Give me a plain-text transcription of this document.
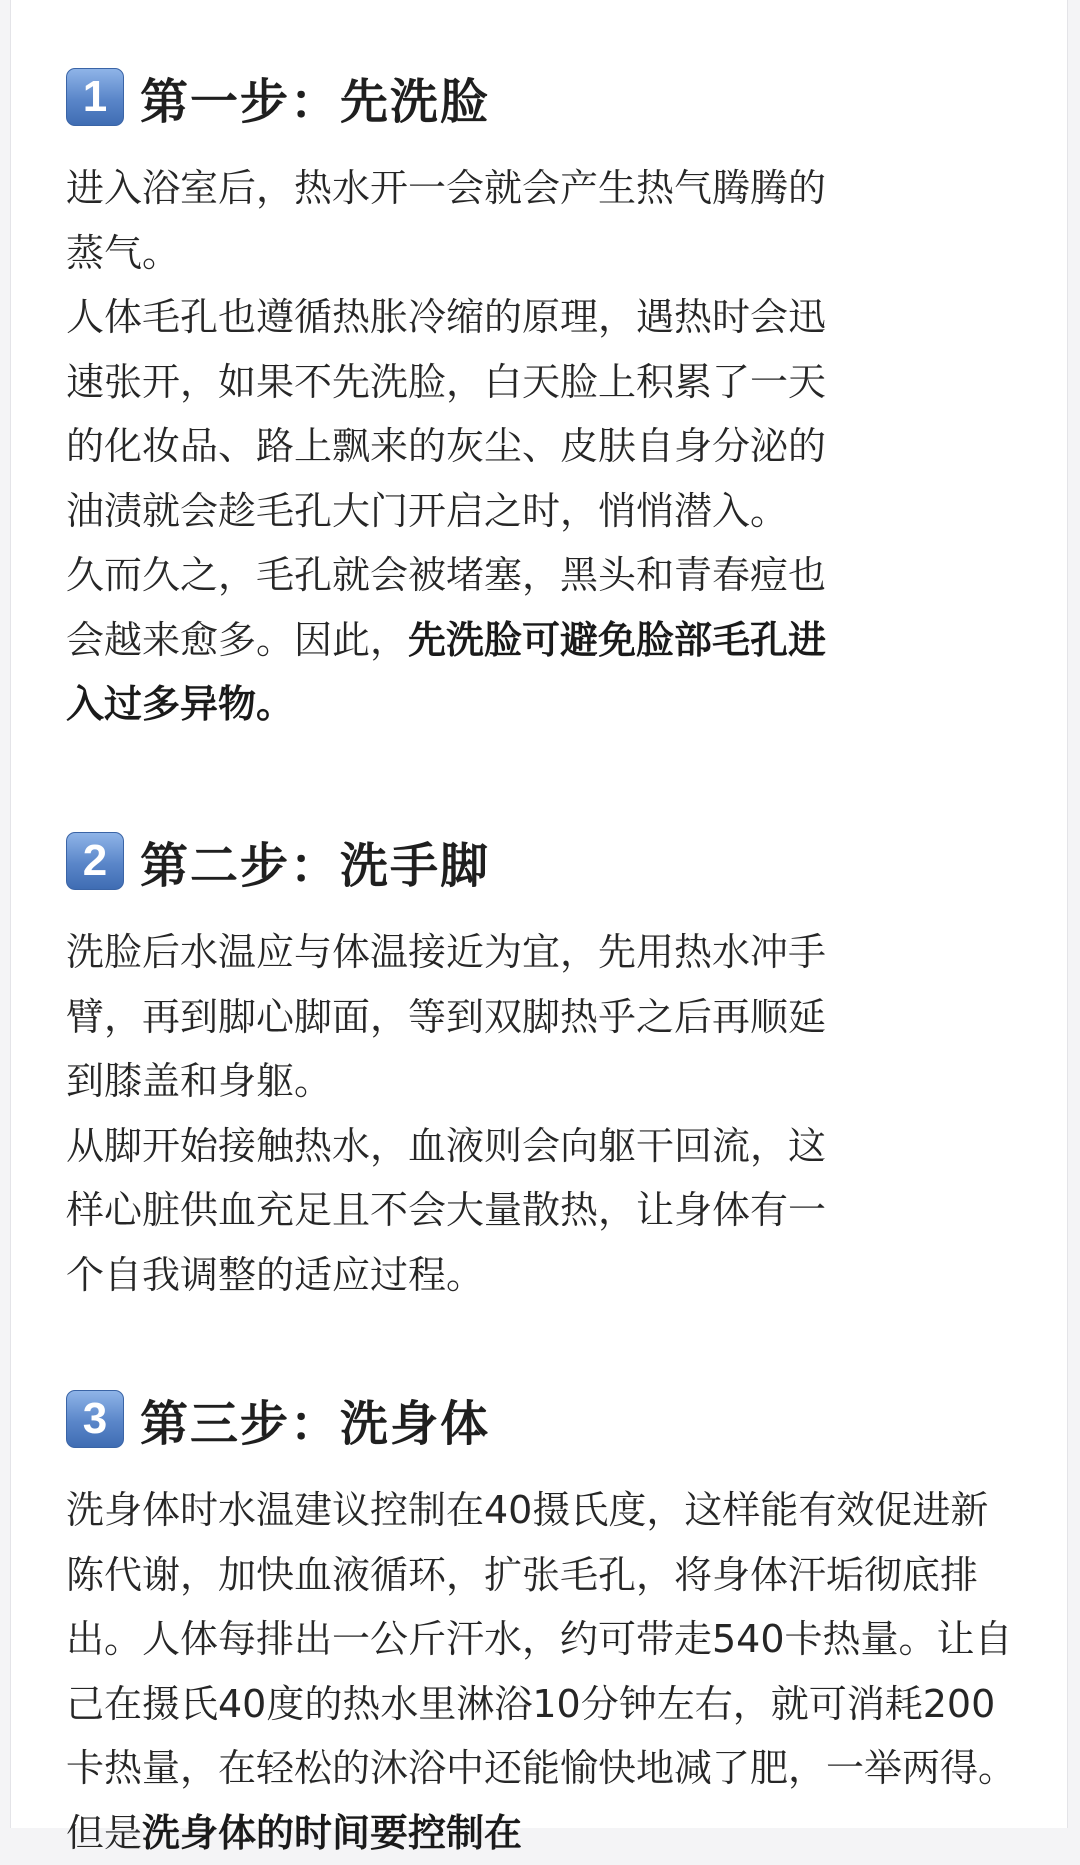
1 第一步：先洗脸

进入浴室后，热水开一会就会产生热气腾腾的蒸气。

人体毛孔也遵循热胀冷缩的原理，遇热时会迅速张开，如果不先洗脸，白天脸上积累了一天的化妆品、路上飘来的灰尘、皮肤自身分泌的油渍就会趁毛孔大门开启之时，悄悄潜入。

久而久之，毛孔就会被堵塞，黑头和青春痘也会越来愈多。因此，先洗脸可避免脸部毛孔进入过多异物。

2 第二步：洗手脚

洗脸后水温应与体温接近为宜，先用热水冲手臂，再到脚心脚面，等到双脚热乎之后再顺延到膝盖和身躯。

从脚开始接触热水，血液则会向躯干回流，这样心脏供血充足且不会大量散热，让身体有一个自我调整的适应过程。

3 第三步：洗身体

洗身体时水温建议控制在40摄氏度，这样能有效促进新陈代谢，加快血液循环，扩张毛孔，将身体汗垢彻底排出。人体每排出一公斤汗水，约可带走540卡热量。让自己在摄氏40度的热水里淋浴10分钟左右，就可消耗200卡热量，在轻松的沐浴中还能愉快地减了肥，一举两得。但是洗身体的时间要控制在
